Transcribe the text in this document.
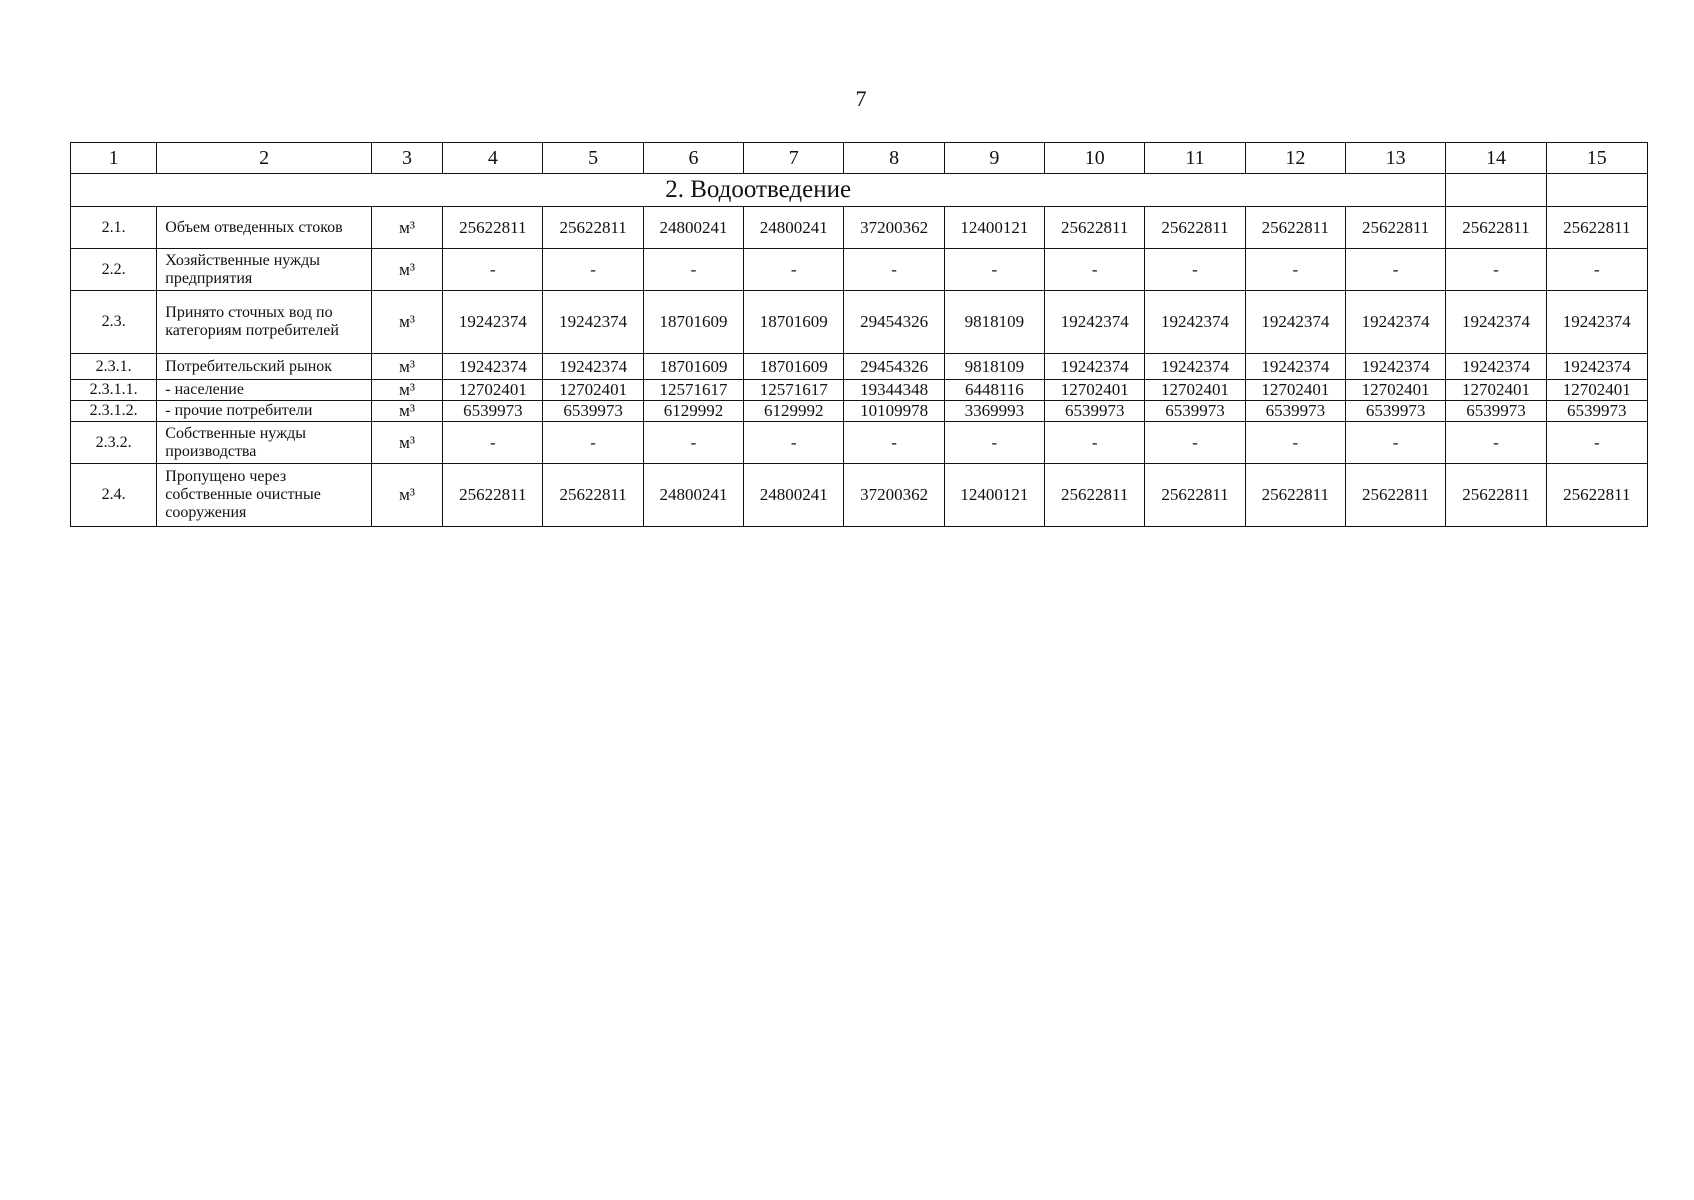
7
1	2	3	4	5	6	7	8	9	10	11	12	13	14	15
2. Водоотведение														
2.1.	Объем отведенных стоков	м³	25622811	25622811	24800241	24800241	37200362	12400121	25622811	25622811	25622811	25622811	25622811	25622811
2.2.	Хозяйственные нужды предприятия	м³	-	-	-	-	-	-	-	-	-	-	-	-
2.3.	Принято сточных вод по категориям потребителей	м³	19242374	19242374	18701609	18701609	29454326	9818109	19242374	19242374	19242374	19242374	19242374	19242374
2.3.1.	Потребительский рынок	м³	19242374	19242374	18701609	18701609	29454326	9818109	19242374	19242374	19242374	19242374	19242374	19242374
2.3.1.1.	- население	м³	12702401	12702401	12571617	12571617	19344348	6448116	12702401	12702401	12702401	12702401	12702401	12702401
2.3.1.2.	- прочие потребители	м³	6539973	6539973	6129992	6129992	10109978	3369993	6539973	6539973	6539973	6539973	6539973	6539973
2.3.2.	Собственные нужды производства	м³	-	-	-	-	-	-	-	-	-	-	-	-
2.4.	Пропущено через собственные очистные сооружения	м³	25622811	25622811	24800241	24800241	37200362	12400121	25622811	25622811	25622811	25622811	25622811	25622811
